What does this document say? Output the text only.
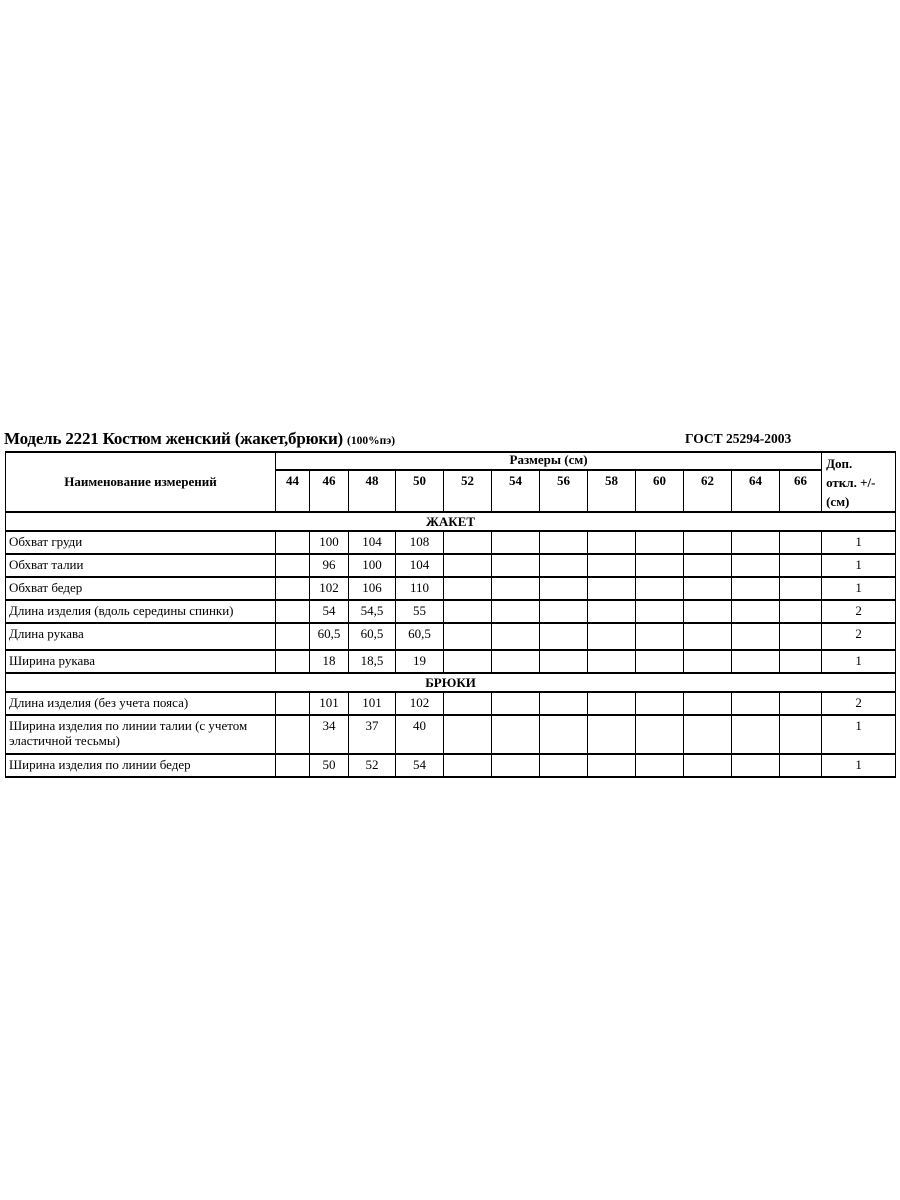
Модель 2221 Костюм женский (жакет,брюки) (100%пэ)	ГОСТ 25294-2003
Наименование измерений	Размеры (см)												Доп.
откл. +/-
(см)

	44	46	48	50	52	54	56	58	60	62	64	66	
ЖАКЕТ													
Обхват груди		100	104	108									1
Обхват талии		96	100	104									1
Обхват бедер		102	106	110									1
Длина изделия (вдоль середины спинки)		54	54,5	55									2
Длина рукава		60,5	60,5	60,5									2
Ширина рукава		18	18,5	19									1
БРЮКИ													
Длина изделия (без учета пояса)		101	101	102									2
Ширина изделия по линии талии (с учетом эластичной тесьмы)		34	37	40									1
Ширина изделия по линии бедер		50	52	54									1
